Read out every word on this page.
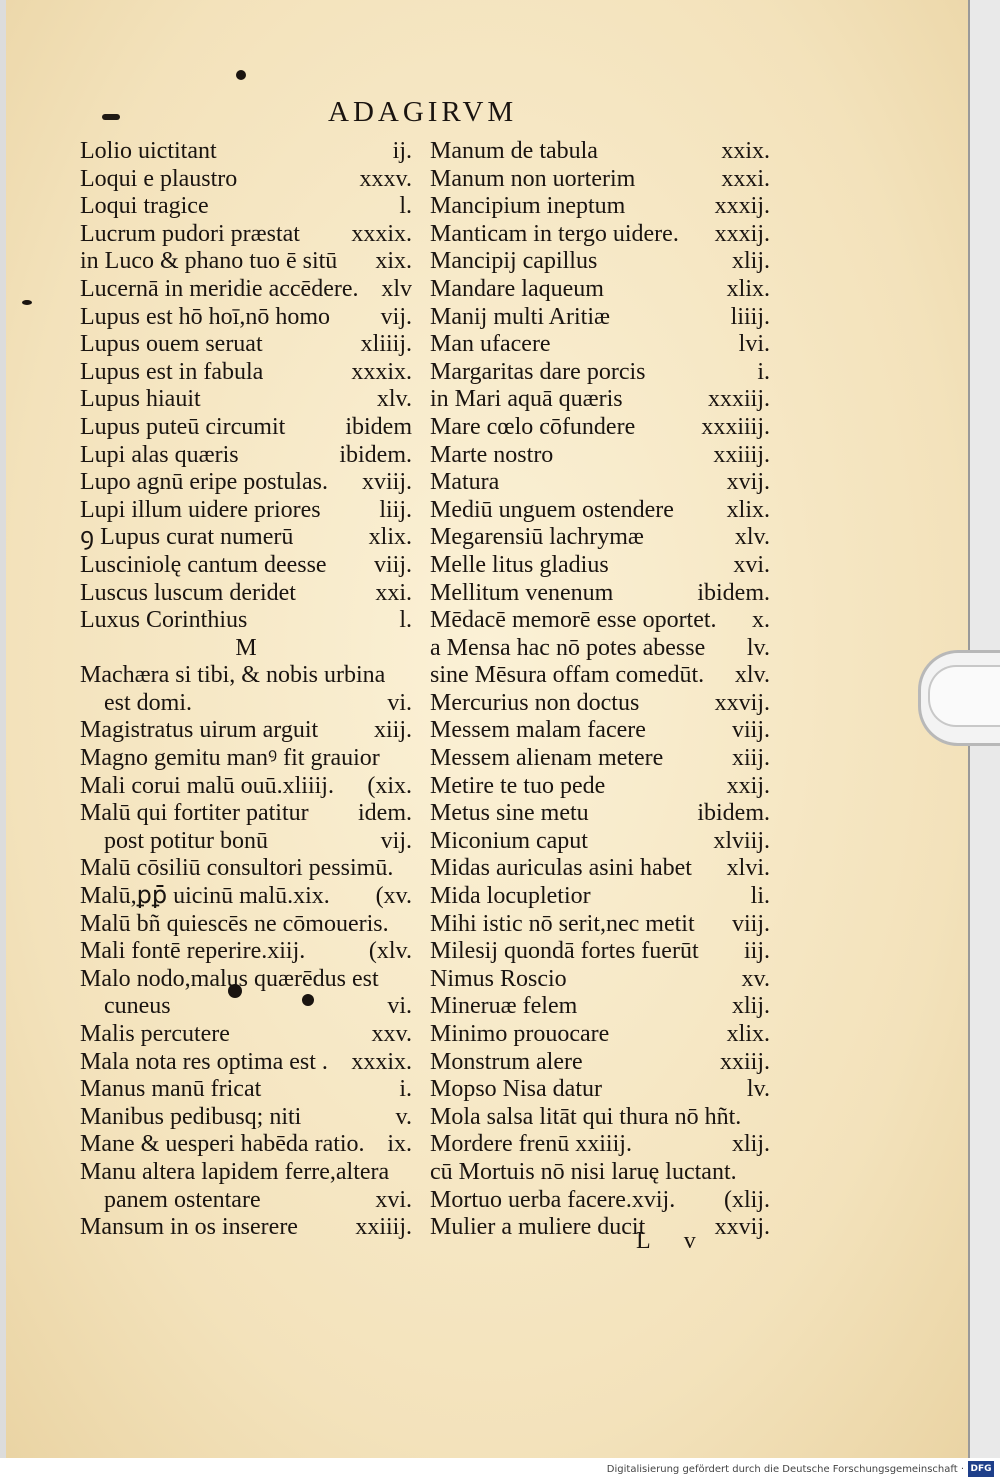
ADAGIRVM
Lolio uictitant	ij.
Loqui e plaustro	xxxv.
Loqui tragice	l.
Lucrum pudori præstat xxxix.
in Luco & phano tuo ē sitū xix.
Lucernā in meridie accēdere. xlv
Lupus est hō hoī,nō homo vij.
Lupus ouem seruat	xliiij.
Lupus est in fabula	xxxix.
Lupus hiauit	xlv.
Lupus puteū circumit	ibidem
Lupi alas quæris	ibidem.
Lupo agnū eripe postulas. xviij.
Lupi illum uidere priores liij.
ꝯ Lupus curat numerū	xlix.
Lusciniolę cantum deesse viij.
Luscus luscum deridet	xxi.
Luxus Corinthius	l.
M
Machæra si tibi, & nobis urbina
est domi.	vi.
Magistratus uirum arguit xiij.
Magno gemitu manꝰ fit grauior
Mali corui malū ouū.xliiij. (xix.
Malū qui fortiter patitur idem.
post potitur bonū	vij.
Malū cōsiliū consultori pessimū.
Malū,ꝑꝑ̄ uicinū malū.xix. (xv.
Malū bñ quiescēs ne cōmoueris.
Mali fontē reperire.xiij.	(xlv.
Malo nodo,malus quærēdus est
cuneus	vi.
Malis percutere	xxv.
Mala nota res optima est . xxxix.
Manus manū fricat	i.
Manibus pedibusq; niti	v.
Mane & uesperi habēda ratio. ix.
Manu altera lapidem ferre,altera
panem ostentare	xvi.
Mansum in os inserere xxiiij.
Manum de tabula	xxix.
Manum non uorterim	xxxi.
Mancipium ineptum	xxxij.
Manticam in tergo uidere. xxxij.
Mancipij capillus	xlij.
Mandare laqueum	xlix.
Manij multi Aritiæ	liiij.
Man ufacere	lvi.
Margaritas dare porcis	i.
in Mari aquā quæris	xxxiij.
Mare cœlo cōfundere	xxxiiij.
Marte nostro	xxiiij.
Matura	xvij.
Mediū unguem ostendere xlix.
Megarensiū lachrymæ	xlv.
Melle litus gladius	xvi.
Mellitum venenum	ibidem.
Mēdacē memorē esse oportet. x.
a Mensa hac nō potes abesse lv.
sine Mēsura offam comedūt. xlv.
Mercurius non doctus	xxvij.
Messem malam facere	viij.
Messem alienam metere	xiij.
Metire te tuo pede	xxij.
Metus sine metu	ibidem.
Miconium caput	xlviij.
Midas auriculas asini habet xlvi.
Mida locupletior	li.
Mihi istic nō serit,nec metit viij.
Milesij quondā fortes fuerūt iij.
Nimus Roscio	xv.
Mineruæ felem	xlij.
Minimo prouocare	xlix.
Monstrum alere	xxiij.
Mopso Nisa datur	lv.
Mola salsa litāt qui thura nō hñt.
Mordere frenū xxiiij.	xlij.
cū Mortuis nō nisi laruę luctant.
Mortuo uerba facere.xvij. (xlij.
Mulier a muliere ducit	xxvij.
L v
Digitalisierung gefördert durch die Deutsche Forschungsgemeinschaft · DFG
